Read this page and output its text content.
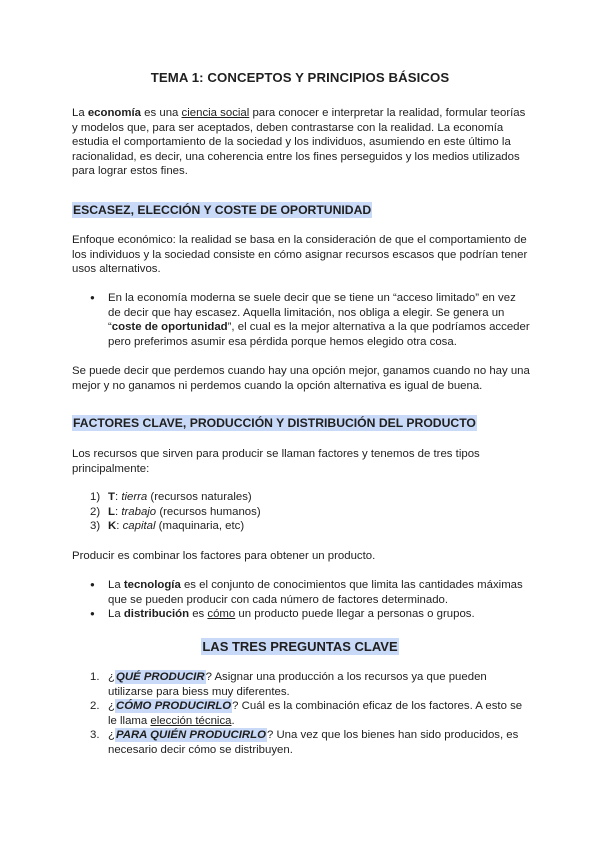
TEMA 1: CONCEPTOS Y PRINCIPIOS BÁSICOS

La economía es una ciencia social para conocer e interpretar la realidad, formular teorías y modelos que, para ser aceptados, deben contrastarse con la realidad. La economía estudia el comportamiento de la sociedad y los individuos, asumiendo en este último la racionalidad, es decir, una coherencia entre los fines perseguidos y los medios utilizados para lograr estos fines.

ESCASEZ, ELECCIÓN Y COSTE DE OPORTUNIDAD

Enfoque económico: la realidad se basa en la consideración de que el comportamiento de los individuos y la sociedad consiste en cómo asignar recursos escasos que podrían tener usos alternativos.

● En la economía moderna se suele decir que se tiene un “acceso limitado” en vez de decir que hay escasez. Aquella limitación, nos obliga a elegir. Se genera un “coste de oportunidad”, el cual es la mejor alternativa a la que podríamos acceder pero preferimos asumir esa pérdida porque hemos elegido otra cosa.

Se puede decir que perdemos cuando hay una opción mejor, ganamos cuando no hay una mejor y no ganamos ni perdemos cuando la opción alternativa es igual de buena.

FACTORES CLAVE, PRODUCCIÓN Y DISTRIBUCIÓN DEL PRODUCTO

Los recursos que sirven para producir se llaman factores y tenemos de tres tipos principalmente:

1) T: tierra (recursos naturales)
2) L: trabajo (recursos humanos)
3) K: capital (maquinaria, etc)

Producir es combinar los factores para obtener un producto.

● La tecnología es el conjunto de conocimientos que limita las cantidades máximas que se pueden producir con cada número de factores determinado.
● La distribución es cómo un producto puede llegar a personas o grupos.
LAS TRES PREGUNTAS CLAVE
1. ¿QUÉ PRODUCIR? Asignar una producción a los recursos ya que pueden utilizarse para biess muy diferentes.
2. ¿CÓMO PRODUCIRLO? Cuál es la combinación eficaz de los factores. A esto se le llama elección técnica.
3. ¿PARA QUIÉN PRODUCIRLO? Una vez que los bienes han sido producidos, es necesario decir cómo se distribuyen.
